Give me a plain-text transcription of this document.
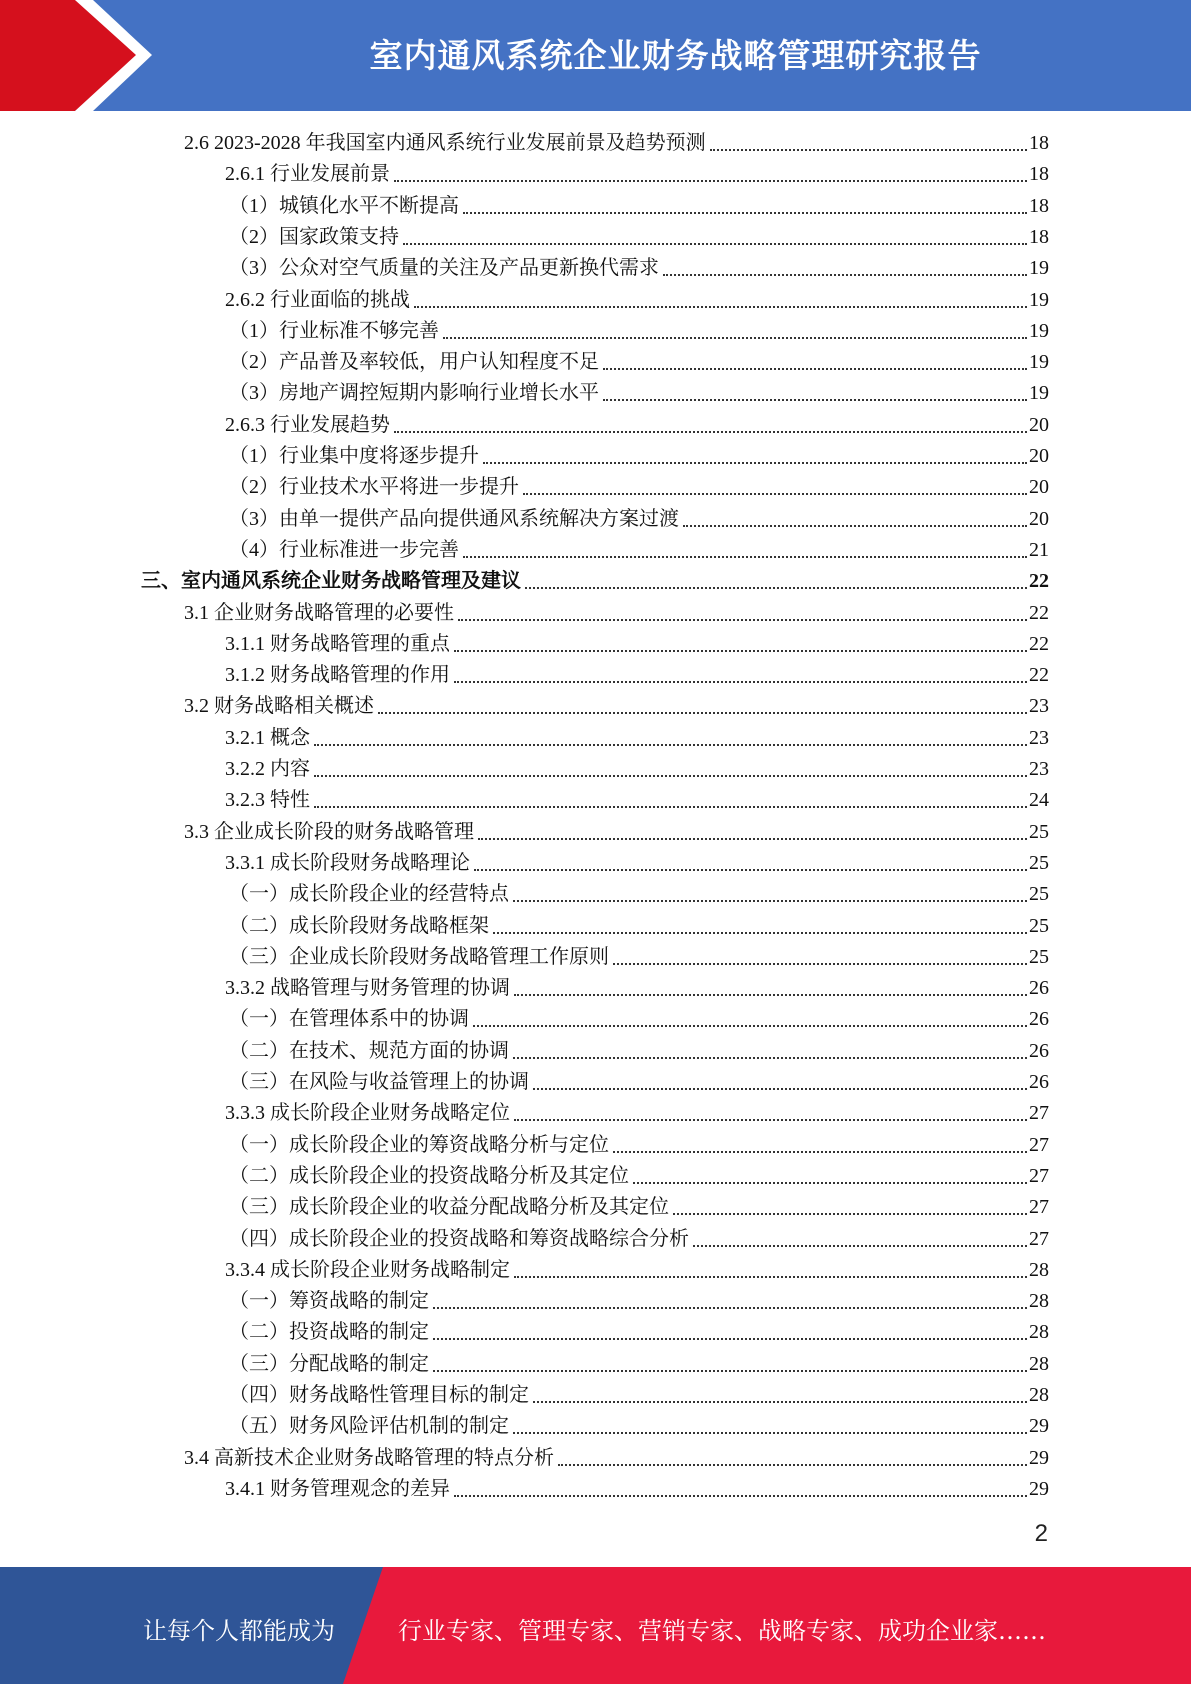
室内通风系统企业财务战略管理研究报告
2.6 2023-2028 年我国室内通风系统行业发展前景及趋势预测	18
2.6.1 行业发展前景	18
（1）城镇化水平不断提高	18
（2）国家政策支持	18
（3）公众对空气质量的关注及产品更新换代需求	19
2.6.2 行业面临的挑战	19
（1）行业标准不够完善	19
（2）产品普及率较低，用户认知程度不足	19
（3）房地产调控短期内影响行业增长水平	19
2.6.3 行业发展趋势	20
（1）行业集中度将逐步提升	20
（2）行业技术水平将进一步提升	20
（3）由单一提供产品向提供通风系统解决方案过渡	20
（4）行业标准进一步完善	21
三、室内通风系统企业财务战略管理及建议	22
3.1 企业财务战略管理的必要性	22
3.1.1 财务战略管理的重点	22
3.1.2 财务战略管理的作用	22
3.2 财务战略相关概述	23
3.2.1 概念	23
3.2.2 内容	23
3.2.3 特性	24
3.3 企业成长阶段的财务战略管理	25
3.3.1 成长阶段财务战略理论	25
（一）成长阶段企业的经营特点	25
（二）成长阶段财务战略框架	25
（三）企业成长阶段财务战略管理工作原则	25
3.3.2 战略管理与财务管理的协调	26
（一）在管理体系中的协调	26
（二）在技术、规范方面的协调	26
（三）在风险与收益管理上的协调	26
3.3.3 成长阶段企业财务战略定位	27
（一）成长阶段企业的筹资战略分析与定位	27
（二）成长阶段企业的投资战略分析及其定位	27
（三）成长阶段企业的收益分配战略分析及其定位	27
（四）成长阶段企业的投资战略和筹资战略综合分析	27
3.3.4 成长阶段企业财务战略制定	28
（一）筹资战略的制定	28
（二）投资战略的制定	28
（三）分配战略的制定	28
（四）财务战略性管理目标的制定	28
（五）财务风险评估机制的制定	29
3.4 高新技术企业财务战略管理的特点分析	29
3.4.1 财务管理观念的差异	29
2
让每个人都能成为	行业专家、管理专家、营销专家、战略专家、成功企业家……
